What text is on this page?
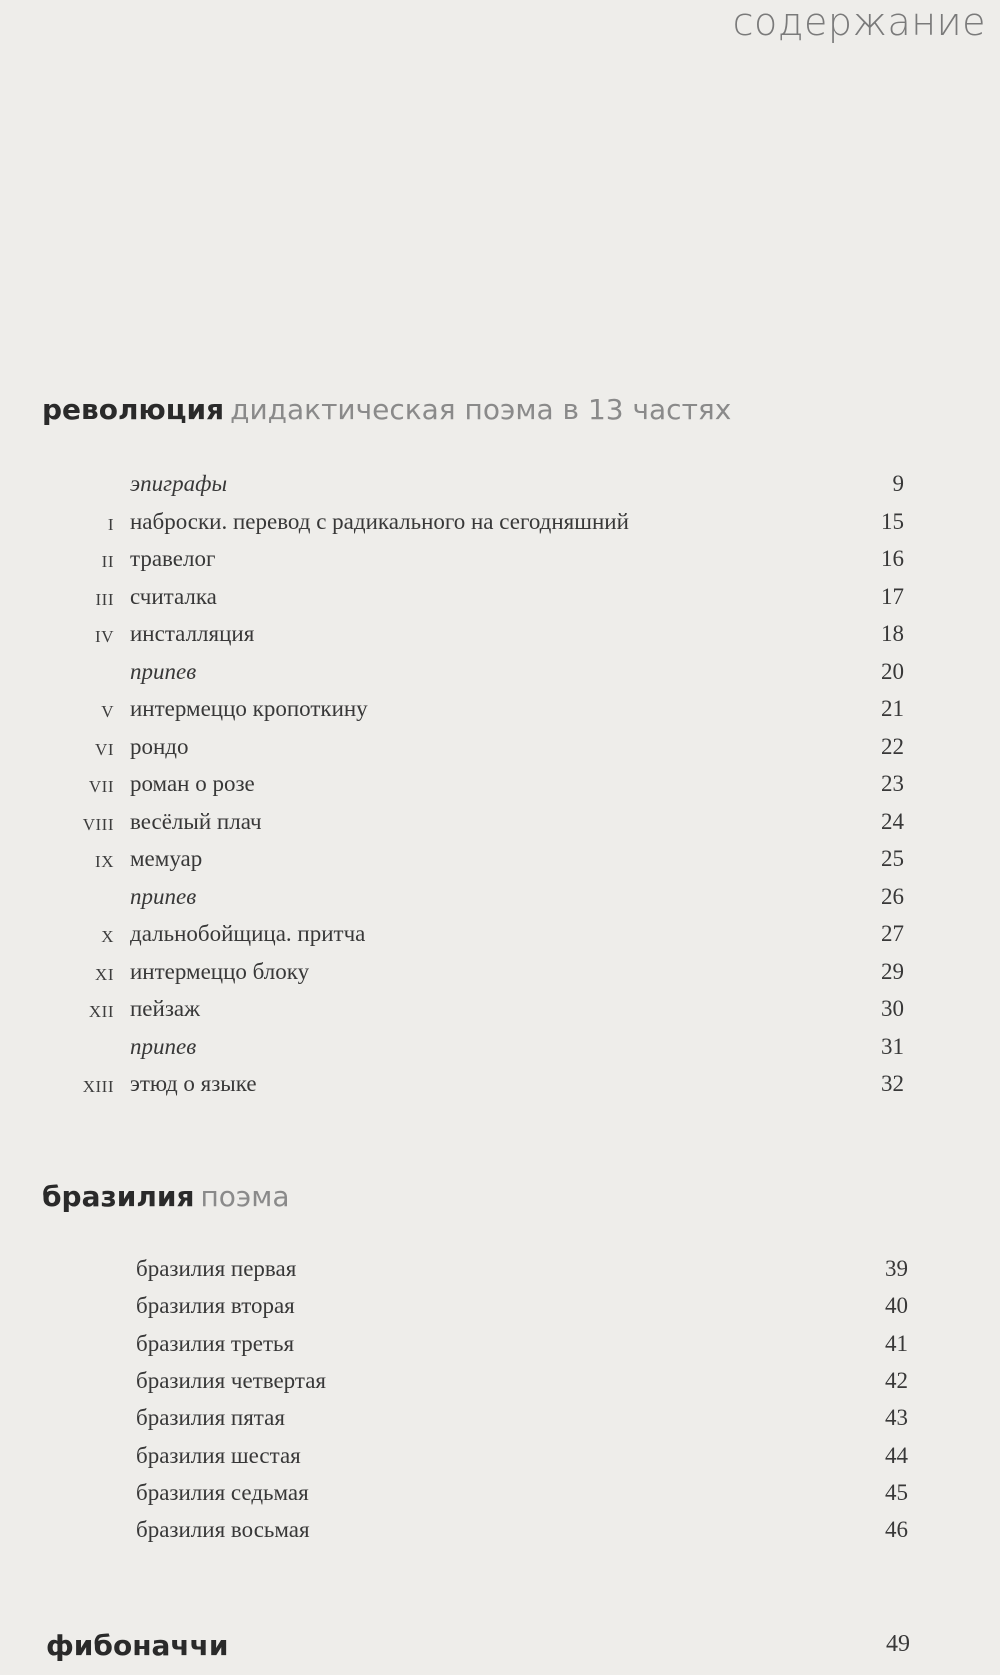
содержание
революция дидактическая поэма в 13 частях
эпиграфы	9
I наброски. перевод с радикального на сегодняшний	15
II травелог	16
III считалка	17
IV инсталляция	18
припев	20
V интермеццо кропоткину	21
VI рондо	22
VII роман о розе	23
VIII весёлый плач	24
IX мемуар	25
припев	26
X дальнобойщица. притча	27
XI интермеццо блоку	29
XII пейзаж	30
припев	31
XIII этюд о языке	32
бразилия поэма
бразилия первая	39
бразилия вторая	40
бразилия третья	41
бразилия четвертая	42
бразилия пятая	43
бразилия шестая	44
бразилия седьмая	45
бразилия восьмая	46
фибоначчи	49
